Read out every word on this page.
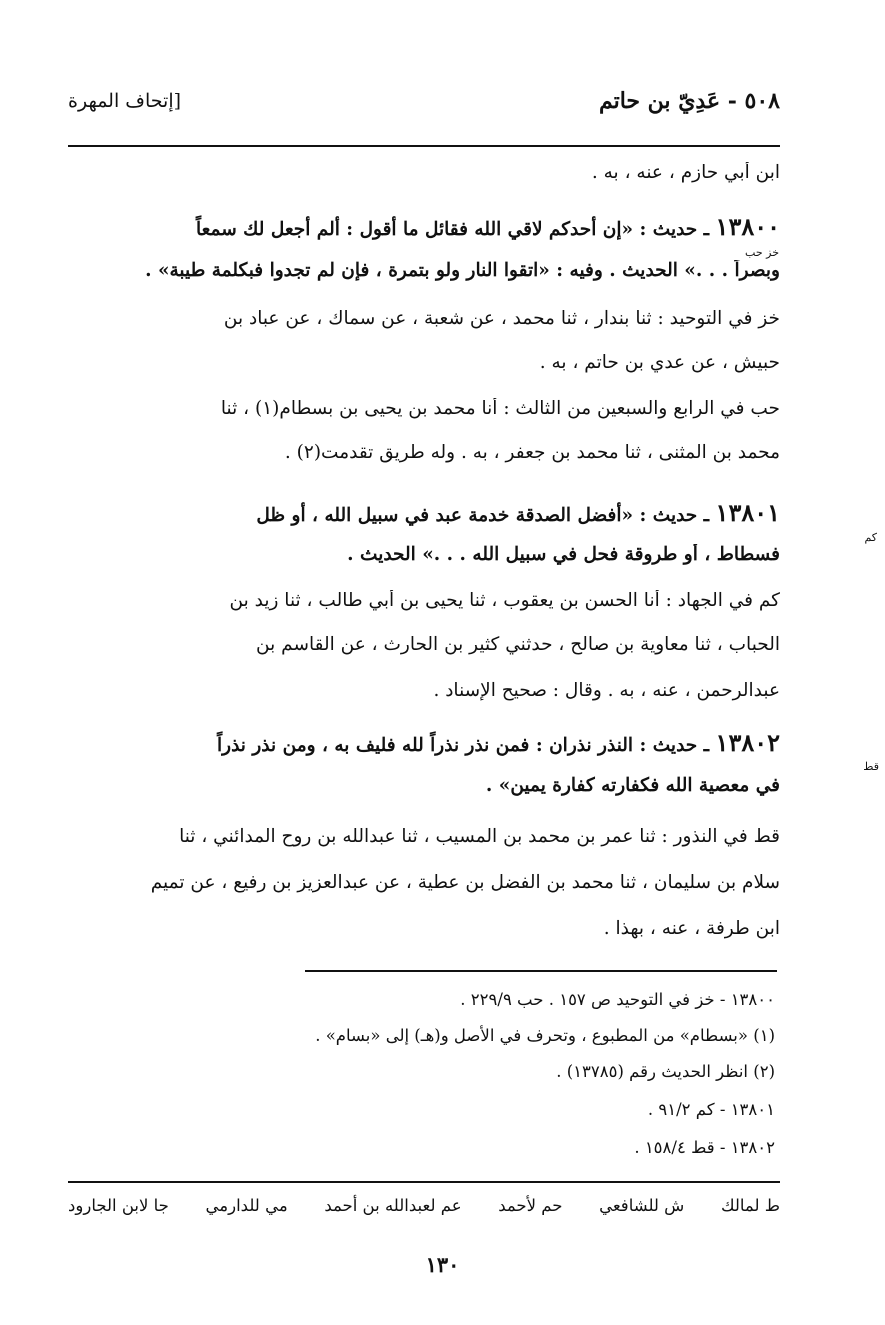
٥٠٨ - عَدِيّ بن حاتم
[إتحاف المهرة
ابن أبي حازم ، عنه ، به .
١٣٨٠٠ ـ حديث : «إن أحدكم لاقي الله فقائل ما أقول : ألم أجعل لك سمعاً
خز حب
وبصراً . . .» الحديث . وفيه : «اتقوا النار ولو بتمرة ، فإن لم تجدوا فبكلمة طيبة» .
خز في التوحيد : ثنا بندار ، ثنا محمد ، عن شعبة ، عن سماك ، عن عباد بن
حبيش ، عن عدي بن حاتم ، به .
حب في الرابع والسبعين من الثالث : أنا محمد بن يحيى بن بسطام(١) ، ثنا
محمد بن المثنى ، ثنا محمد بن جعفر ، به . وله طريق تقدمت(٢) .
١٣٨٠١ ـ حديث : «أفضل الصدقة خدمة عبد في سبيل الله ، أو ظل
كم
فسطاط ، أو طروقة فحل في سبيل الله . . .» الحديث .
كم في الجهاد : أنا الحسن بن يعقوب ، ثنا يحيى بن أبي طالب ، ثنا زيد بن
الحباب ، ثنا معاوية بن صالح ، حدثني كثير بن الحارث ، عن القاسم بن
عبدالرحمن ، عنه ، به . وقال : صحيح الإسناد .
١٣٨٠٢ ـ حديث : النذر نذران : فمن نذر نذراً لله فليف به ، ومن نذر نذراً
قط
في معصية الله فكفارته كفارة يمين» .
قط في النذور : ثنا عمر بن محمد بن المسيب ، ثنا عبدالله بن روح المدائني ، ثنا
سلام بن سليمان ، ثنا محمد بن الفضل بن عطية ، عن عبدالعزيز بن رفيع ، عن تميم
ابن طرفة ، عنه ، بهذا .
١٣٨٠٠ - خز في التوحيد ص ١٥٧ . حب ٢٢٩/٩ .
(١) «بسطام» من المطبوع ، وتحرف في الأصل و(هـ) إلى «بسام» .
(٢) انظر الحديث رقم (١٣٧٨٥) .
١٣٨٠١ - كم ٩١/٢ .
١٣٨٠٢ - قط ١٥٨/٤ .
ط لمالك
ش للشافعي
حم لأحمد
عم لعبدالله بن أحمد
مي للدارمي
جا لابن الجارود
١٣٠
